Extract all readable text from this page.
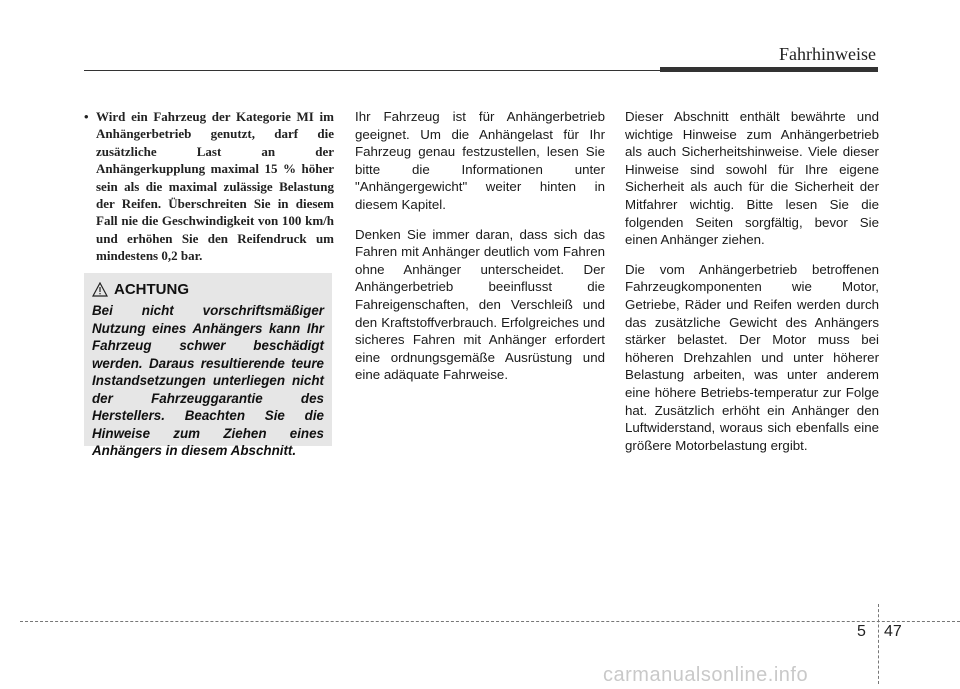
Fahrhinweise
• Wird ein Fahrzeug der Kategorie MI im Anhängerbetrieb genutzt, darf die zusätzliche Last an der Anhängerkupplung maximal 15 % höher sein als die maximal zulässige Belastung der Reifen. Überschreiten Sie in diesem Fall nie die Geschwindigkeit von 100 km/h und erhöhen Sie den Reifendruck um mindestens 0,2 bar.
ACHTUNG
Bei nicht vorschriftsmäßiger Nutzung eines Anhängers kann Ihr Fahrzeug schwer beschädigt werden. Daraus resultierende teure Instandsetzungen unterliegen nicht der Fahrzeuggarantie des Herstellers. Beachten Sie die Hinweise zum Ziehen eines Anhängers in diesem Abschnitt.

Ihr Fahrzeug ist für Anhängerbetrieb geeignet. Um die Anhängelast für Ihr Fahrzeug genau festzustellen, lesen Sie bitte die Informationen unter "Anhängergewicht" weiter hinten in diesem Kapitel.

Denken Sie immer daran, dass sich das Fahren mit Anhänger deutlich vom Fahren ohne Anhänger unterscheidet. Der Anhängerbetrieb beeinflusst die Fahreigenschaften, den Verschleiß und den Kraftstoffverbrauch. Erfolgreiches und sicheres Fahren mit Anhänger erfordert eine ordnungsgemäße Ausrüstung und eine adäquate Fahrweise.

Dieser Abschnitt enthält bewährte und wichtige Hinweise zum Anhängerbetrieb als auch Sicherheitshinweise. Viele dieser Hinweise sind sowohl für Ihre eigene Sicherheit als auch für die Sicherheit der Mitfahrer wichtig. Bitte lesen Sie die folgenden Seiten sorgfältig, bevor Sie einen Anhänger ziehen.

Die vom Anhängerbetrieb betroffenen Fahrzeugkomponenten wie Motor, Getriebe, Räder und Reifen werden durch das zusätzliche Gewicht des Anhängers stärker belastet. Der Motor muss bei höheren Drehzahlen und unter höherer Belastung arbeiten, was unter anderem eine höhere Betriebs-temperatur zur Folge hat. Zusätzlich erhöht ein Anhänger den Luftwiderstand, woraus sich ebenfalls eine größere Motorbelastung ergibt.

5 47
carmanualsonline.info
